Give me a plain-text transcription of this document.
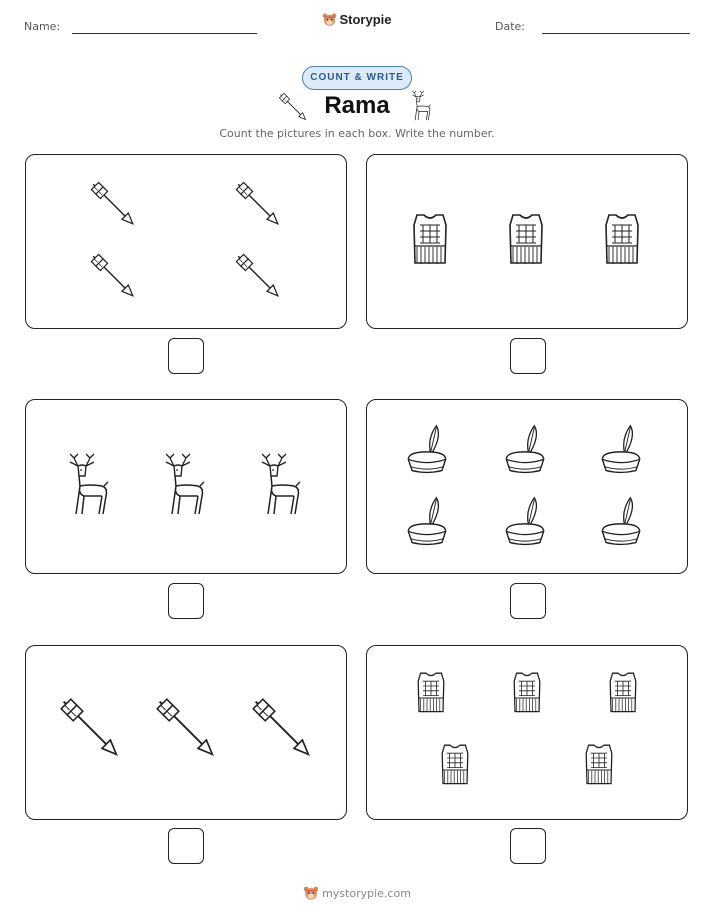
Name:	Storypie	Date:
COUNT & WRITE
Rama
Count the pictures in each box. Write the number.
mystorypie.com
